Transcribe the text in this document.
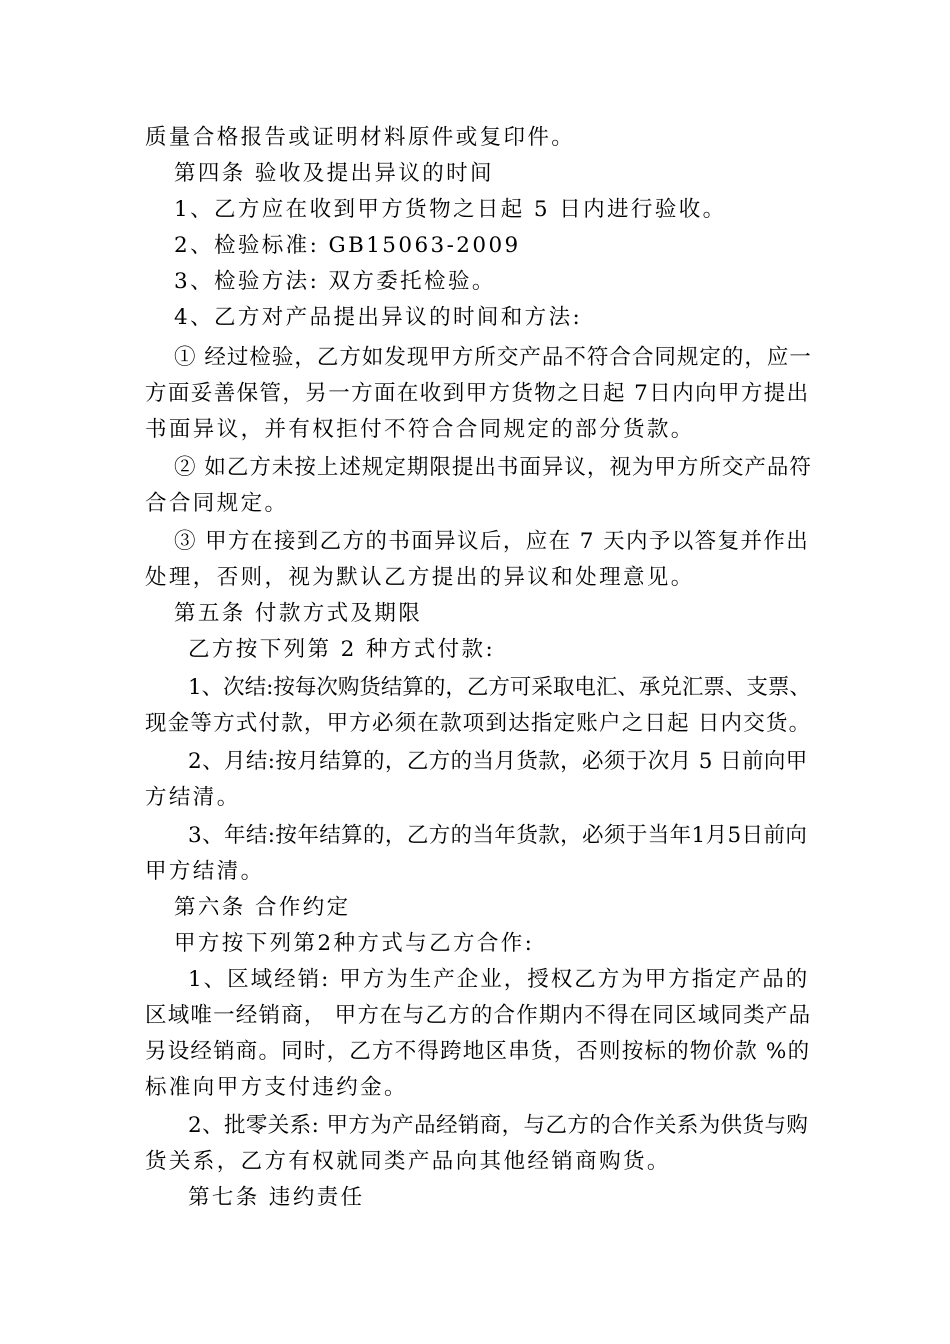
质量合格报告或证明材料原件或复印件。
第四条 验收及提出异议的时间
1、乙方应在收到甲方货物之日起 5 日内进行验收。
2、检验标准: GB15063-2009
3、检验方法: 双方委托检验。
4、乙方对产品提出异议的时间和方法:
① 经过检验，乙方如发现甲方所交产品不符合合同规定的，应一
方面妥善保管，另一方面在收到甲方货物之日起 7日内向甲方提出
书面异议，并有权拒付不符合合同规定的部分货款。
② 如乙方未按上述规定期限提出书面异议，视为甲方所交产品符
合合同规定。
③ 甲方在接到乙方的书面异议后，应在 7 天内予以答复并作出
处理，否则，视为默认乙方提出的异议和处理意见。
第五条 付款方式及期限
乙方按下列第 2 种方式付款:
1、次结:按每次购货结算的，乙方可采取电汇、承兑汇票、支票、
现金等方式付款，甲方必须在款项到达指定账户之日起 日内交货。
2、月结:按月结算的，乙方的当月货款，必须于次月 5 日前向甲
方结清。
3、年结:按年结算的，乙方的当年货款，必须于当年1月5日前向
甲方结清。
第六条 合作约定
甲方按下列第2种方式与乙方合作:
1、区域经销: 甲方为生产企业，授权乙方为甲方指定产品的
区域唯一经销商， 甲方在与乙方的合作期内不得在同区域同类产品
另设经销商。同时，乙方不得跨地区串货，否则按标的物价款 %的
标准向甲方支付违约金。
2、批零关系: 甲方为产品经销商，与乙方的合作关系为供货与购
货关系，乙方有权就同类产品向其他经销商购货。
第七条 违约责任
